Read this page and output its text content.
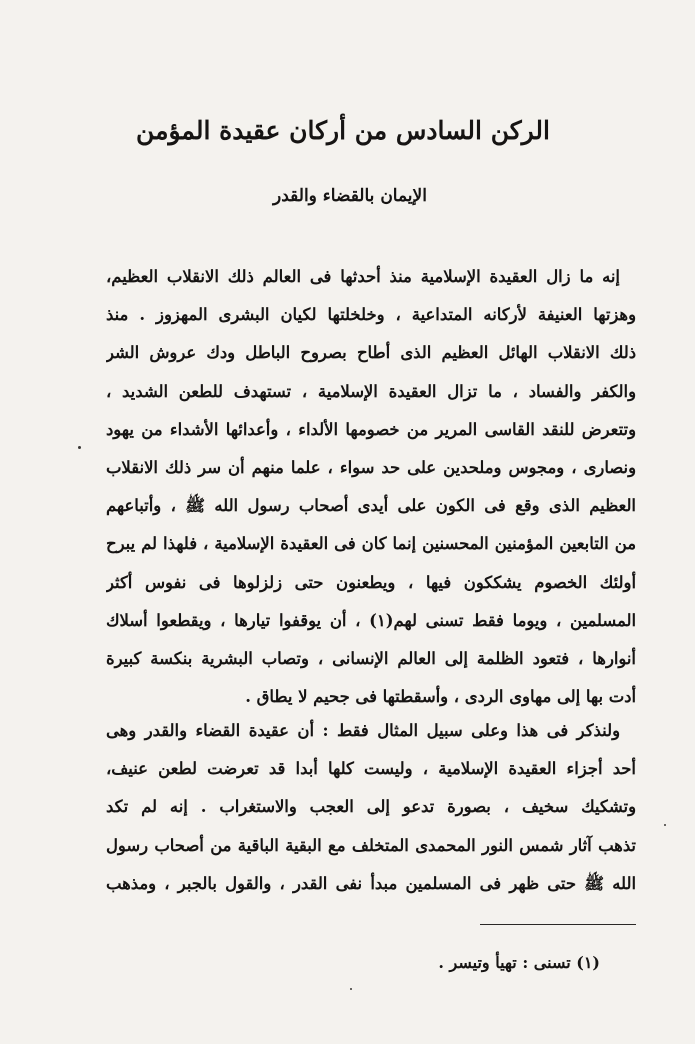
الركن السادس من أركان عقيدة المؤمن
الإيمان بالقضاء والقدر
إنه ما زال العقيدة الإسلامية منذ أحدثها فى العالم ذلك الانقلاب العظيم،
وهزتها العنيفة لأركانه المتداعية ، وخلخلتها لكيان البشرى المهزوز . منذ
ذلك الانقلاب الهائل العظيم الذى أطاح بصروح الباطل ودك عروش الشر
والكفر والفساد ، ما تزال العقيدة الإسلامية ، تستهدف للطعن الشديد ،
وتتعرض للنقد القاسى المرير من خصومها الألداء ، وأعدائها الأشداء من يهود
ونصارى ، ومجوس وملحدين على حد سواء ، علما منهم أن سر ذلك الانقلاب
العظيم الذى وقع فى الكون على أيدى أصحاب رسول الله ﷺ ، وأتباعهم
من التابعين المؤمنين المحسنين إنما كان فى العقيدة الإسلامية ، فلهذا لم يبرح
أولئك الخصوم يشككون فيها ، ويطعنون حتى زلزلوها فى نفوس أكثر
المسلمين ، ويوما فقط تسنى لهم(١) ، أن يوقفوا تيارها ، ويقطعوا أسلاك
أنوارها ، فتعود الظلمة إلى العالم الإنسانى ، وتصاب البشرية بنكسة كبيرة
أدت بها إلى مهاوى الردى ، وأسقطتها فى جحيم لا يطاق .
ولنذكر فى هذا وعلى سبيل المثال فقط : أن عقيدة القضاء والقدر وهى
أحد أجزاء العقيدة الإسلامية ، وليست كلها أبدا قد تعرضت لطعن عنيف،
وتشكيك سخيف ، بصورة تدعو إلى العجب والاستغراب . إنه لم تكد
تذهب آثار شمس النور المحمدى المتخلف مع البقية الباقية من أصحاب رسول
الله ﷺ حتى ظهر فى المسلمين مبدأ نفى القدر ، والقول بالجبر ، ومذهب
(١) تسنى : تهيأ وتيسر .
